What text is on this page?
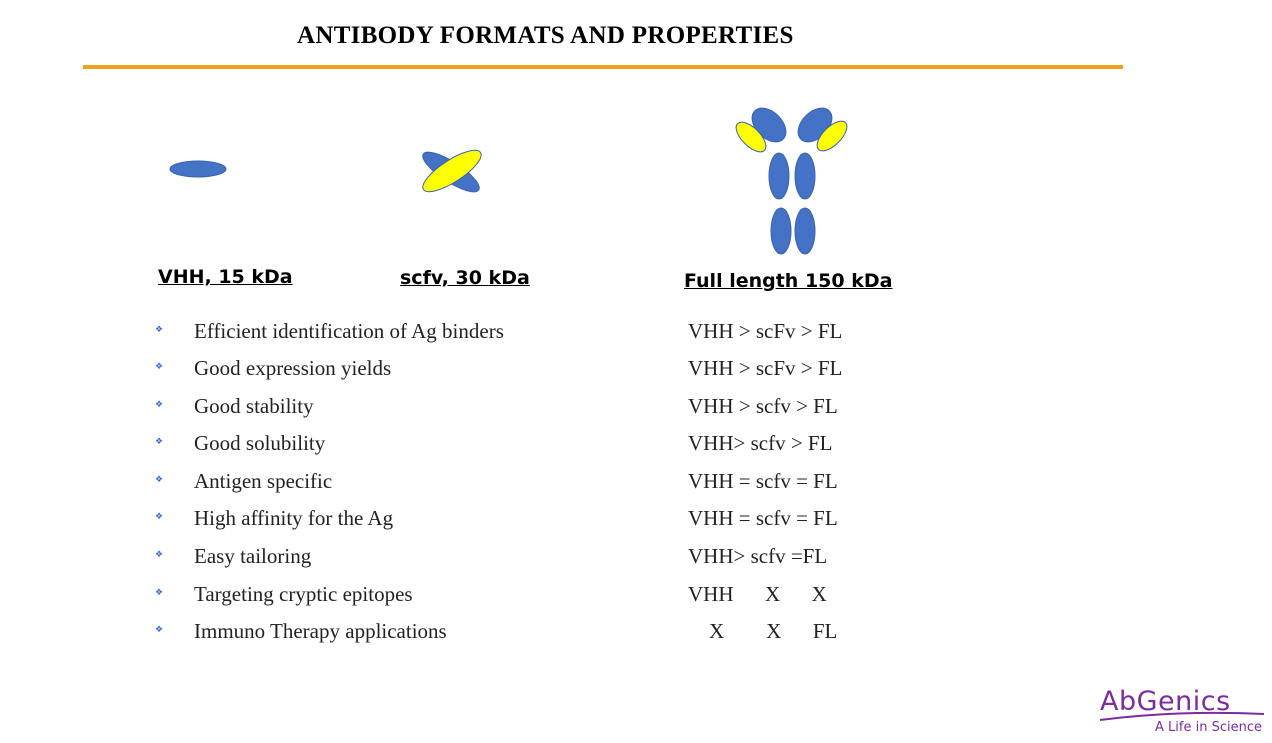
ANTIBODY FORMATS AND PROPERTIES
VHH, 15 kDa	scfv, 30 kDa	Full length 150 kDa
❖ Efficient identification of Ag binders	VHH > scFv > FL
❖ Good expression yields	VHH > scFv > FL
❖ Good stability	VHH > scfv > FL
❖ Good solubility	VHH> scfv > FL
❖ Antigen specific	VHH = scfv = FL
❖ High affinity for the Ag	VHH = scfv = FL
❖ Easy tailoring	VHH> scfv =FL
❖ Targeting cryptic epitopes	VHH      X      X
❖ Immuno Therapy applications	X        X      FL
AbGenics
A Life in Science
